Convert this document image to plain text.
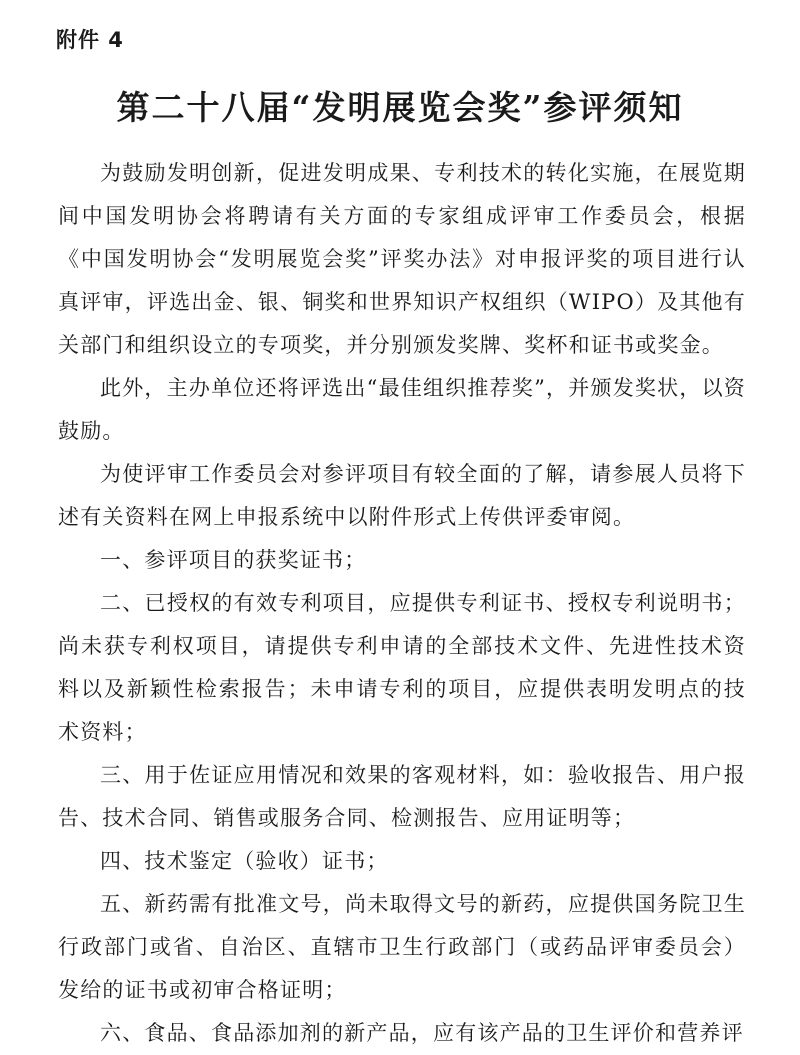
附件 4
第二十八届“发明展览会奖”参评须知

为鼓励发明创新，促进发明成果、专利技术的转化实施，在展览期间中国发明协会将聘请有关方面的专家组成评审工作委员会，根据《中国发明协会“发明展览会奖”评奖办法》对申报评奖的项目进行认真评审，评选出金、银、铜奖和世界知识产权组织（WIPO）及其他有关部门和组织设立的专项奖，并分别颁发奖牌、奖杯和证书或奖金。

此外，主办单位还将评选出“最佳组织推荐奖”，并颁发奖状，以资鼓励。

为使评审工作委员会对参评项目有较全面的了解，请参展人员将下述有关资料在网上申报系统中以附件形式上传供评委审阅。

一、参评项目的获奖证书；

二、已授权的有效专利项目，应提供专利证书、授权专利说明书；尚未获专利权项目，请提供专利申请的全部技术文件、先进性技术资料以及新颖性检索报告；未申请专利的项目，应提供表明发明点的技术资料；

三、用于佐证应用情况和效果的客观材料，如：验收报告、用户报告、技术合同、销售或服务合同、检测报告、应用证明等；

四、技术鉴定（验收）证书；

五、新药需有批准文号，尚未取得文号的新药，应提供国务院卫生行政部门或省、自治区、直辖市卫生行政部门（或药品评审委员会）发给的证书或初审合格证明；

六、食品、食品添加剂的新产品，应有该产品的卫生评价和营养评
